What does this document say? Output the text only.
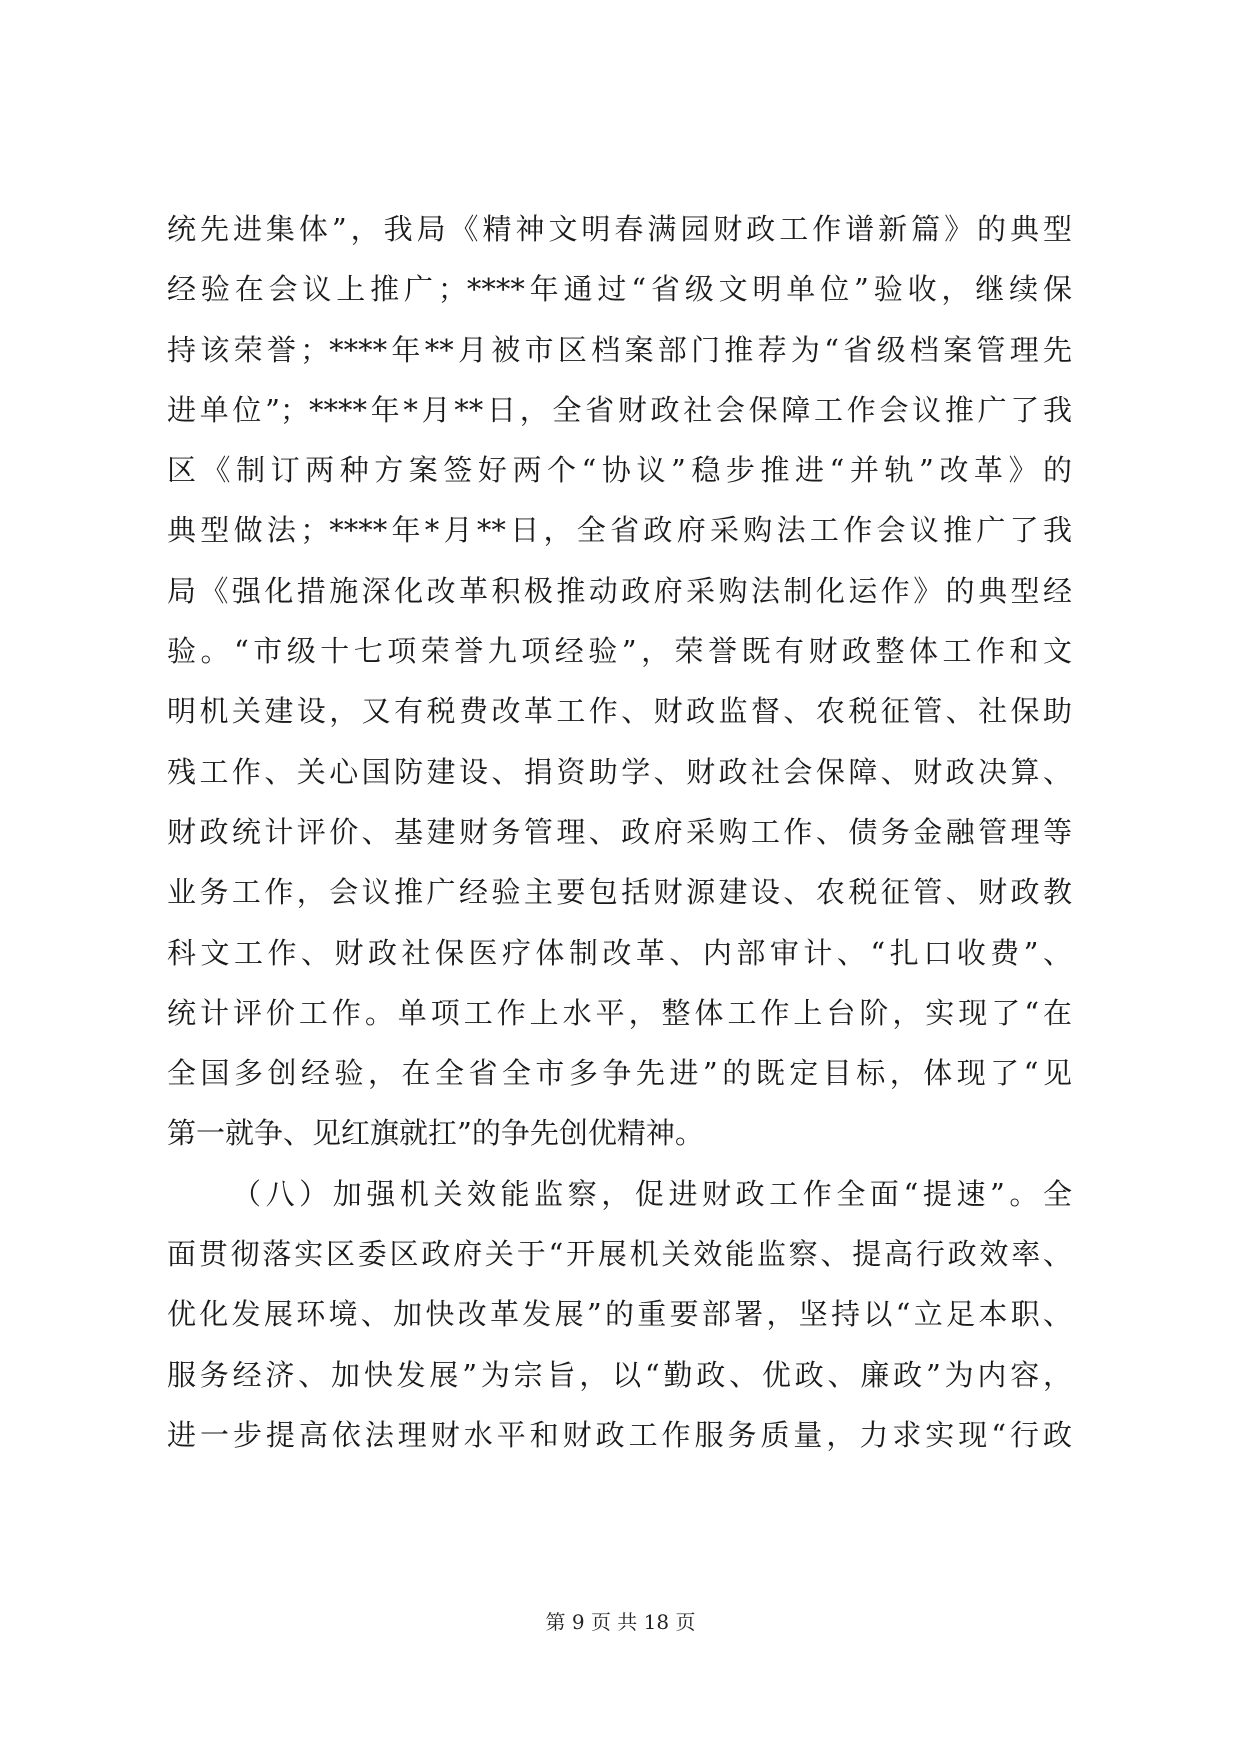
统先进集体”，我局《精神文明春满园财政工作谱新篇》的典型
经验在会议上推广；****年通过“省级文明单位”验收，继续保
持该荣誉；****年**月被市区档案部门推荐为“省级档案管理先
进单位”；****年*月**日，全省财政社会保障工作会议推广了我
区《制订两种方案签好两个“协议”稳步推进“并轨”改革》的
典型做法；****年*月**日，全省政府采购法工作会议推广了我
局《强化措施深化改革积极推动政府采购法制化运作》的典型经
验。“市级十七项荣誉九项经验”，荣誉既有财政整体工作和文
明机关建设，又有税费改革工作、财政监督、农税征管、社保助
残工作、关心国防建设、捐资助学、财政社会保障、财政决算、
财政统计评价、基建财务管理、政府采购工作、债务金融管理等
业务工作，会议推广经验主要包括财源建设、农税征管、财政教
科文工作、财政社保医疗体制改革、内部审计、“扎口收费”、
统计评价工作。单项工作上水平，整体工作上台阶，实现了“在
全国多创经验，在全省全市多争先进”的既定目标，体现了“见
第一就争、见红旗就扛”的争先创优精神。
（八）加强机关效能监察，促进财政工作全面“提速”。全
面贯彻落实区委区政府关于“开展机关效能监察、提高行政效率、
优化发展环境、加快改革发展”的重要部署，坚持以“立足本职、
服务经济、加快发展”为宗旨，以“勤政、优政、廉政”为内容，
进一步提高依法理财水平和财政工作服务质量，力求实现“行政
第 9 页 共 18 页
